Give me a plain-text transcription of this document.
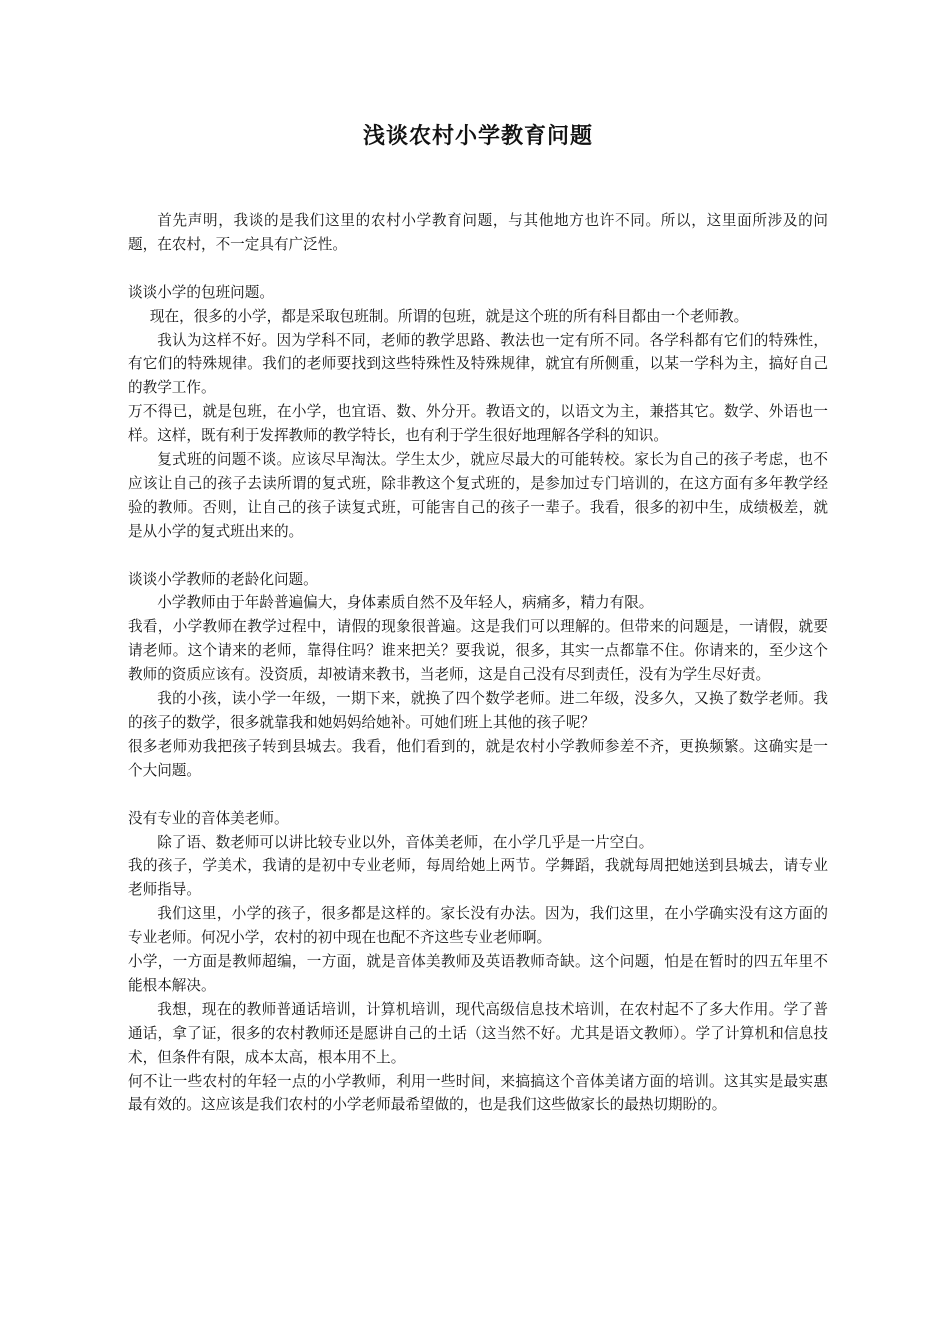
浅谈农村小学教育问题

首先声明，我谈的是我们这里的农村小学教育问题，与其他地方也许不同。所以，这里面所涉及的问题，在农村，不一定具有广泛性。

谈谈小学的包班问题。

现在，很多的小学，都是采取包班制。所谓的包班，就是这个班的所有科目都由一个老师教。

我认为这样不好。因为学科不同，老师的教学思路、教法也一定有所不同。各学科都有它们的特殊性，有它们的特殊规律。我们的老师要找到这些特殊性及特殊规律，就宜有所侧重，以某一学科为主，搞好自己的教学工作。

万不得已，就是包班，在小学，也宜语、数、外分开。教语文的，以语文为主，兼搭其它。数学、外语也一样。这样，既有利于发挥教师的教学特长，也有利于学生很好地理解各学科的知识。

复式班的问题不谈。应该尽早淘汰。学生太少，就应尽最大的可能转校。家长为自己的孩子考虑，也不应该让自己的孩子去读所谓的复式班，除非教这个复式班的，是参加过专门培训的，在这方面有多年教学经验的教师。否则，让自己的孩子读复式班，可能害自己的孩子一辈子。我看，很多的初中生，成绩极差，就是从小学的复式班出来的。

谈谈小学教师的老龄化问题。

小学教师由于年龄普遍偏大，身体素质自然不及年轻人，病痛多，精力有限。

我看，小学教师在教学过程中，请假的现象很普遍。这是我们可以理解的。但带来的问题是，一请假，就要请老师。这个请来的老师，靠得住吗？谁来把关？要我说，很多，其实一点都靠不住。你请来的，至少这个教师的资质应该有。没资质，却被请来教书，当老师，这是自己没有尽到责任，没有为学生尽好责。

我的小孩，读小学一年级，一期下来，就换了四个数学老师。进二年级，没多久，又换了数学老师。我的孩子的数学，很多就靠我和她妈妈给她补。可她们班上其他的孩子呢？

很多老师劝我把孩子转到县城去。我看，他们看到的，就是农村小学教师参差不齐，更换频繁。这确实是一个大问题。

没有专业的音体美老师。

除了语、数老师可以讲比较专业以外，音体美老师，在小学几乎是一片空白。

我的孩子，学美术，我请的是初中专业老师，每周给她上两节。学舞蹈，我就每周把她送到县城去，请专业老师指导。

我们这里，小学的孩子，很多都是这样的。家长没有办法。因为，我们这里，在小学确实没有这方面的专业老师。何况小学，农村的初中现在也配不齐这些专业老师啊。

小学，一方面是教师超编，一方面，就是音体美教师及英语教师奇缺。这个问题，怕是在暂时的四五年里不能根本解决。

我想，现在的教师普通话培训，计算机培训，现代高级信息技术培训，在农村起不了多大作用。学了普通话，拿了证，很多的农村教师还是愿讲自己的土话（这当然不好。尤其是语文教师）。学了计算机和信息技术，但条件有限，成本太高，根本用不上。

何不让一些农村的年轻一点的小学教师，利用一些时间，来搞搞这个音体美诸方面的培训。这其实是最实惠最有效的。这应该是我们农村的小学老师最希望做的，也是我们这些做家长的最热切期盼的。
